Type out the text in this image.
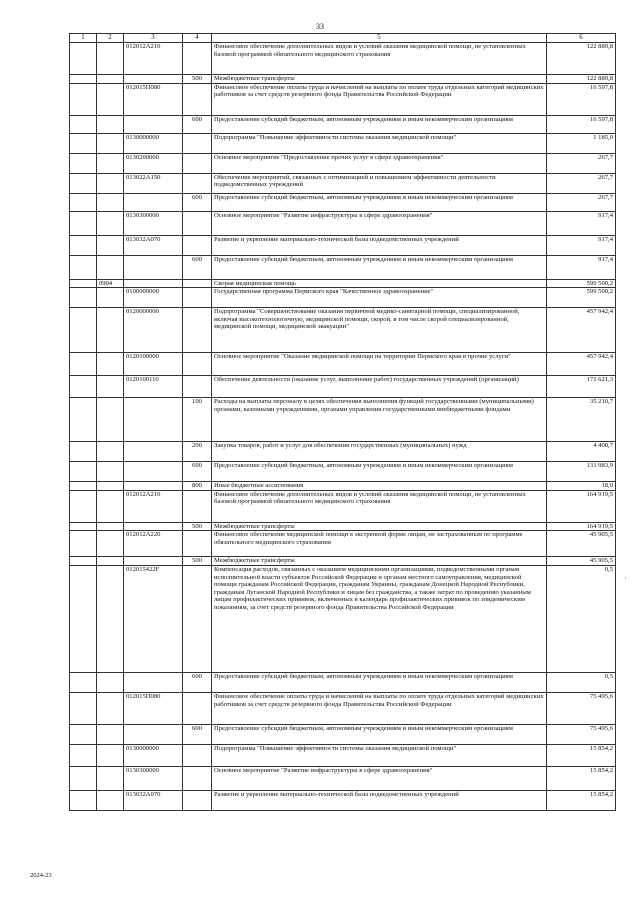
33
1	2	3	4	5	6
		012012А210		Финансовое обеспечение дополнительных видов и условий оказания медицинской помощи, не установленных базовой программой обязательного медицинского страхования	122 889,8
			500	Межбюджетные трансферты	122 889,8
		012015П080		Финансовое обеспечение оплаты труда и начислений на выплаты по оплате труда отдельных категорий медицинских работников за счет средств резервного фонда Правительства Российской Федерации	16 597,8
			600	Предоставление субсидий бюджетным, автономным учреждениям и иным некоммерческим организациям	16 597,8
		0130000000		Подпрограмма "Повышение эффективности системы оказания медицинской помощи"	1 185,0
		0130200000		Основное мероприятие "Предоставление прочих услуг в сфере здравоохранения"	267,7
		013022А150		Обеспечение мероприятий, связанных с оптимизацией и повышением эффективности деятельности подведомственных учреждений	267,7
			600	Предоставление субсидий бюджетным, автономным учреждениям и иным некоммерческим организациям	267,7
		0130300000		Основное мероприятие "Развитие инфраструктуры в сфере здравоохранения"	917,4
		013032А070		Развитие и укрепление материально-технической базы подведомственных учреждений	917,4
			600	Предоставление субсидий бюджетным, автономным учреждениям и иным некоммерческим организациям	917,4
	0904			Скорая медицинская помощь	599 500,2
		0100000000		Государственная программа Пермского края "Качественное здравоохранение"	599 500,2
		0120000000		Подпрограмма "Совершенствование оказания первичной медико-санитарной помощи, специализированной, включая высокотехнологичную, медицинской помощи, скорой, в том числе скорой специализированной, медицинской помощи, медицинской эвакуации"	457 942,4
		0120100000		Основное мероприятие "Оказание медицинской помощи на территории Пермского края в прочие услуги"	457 942,4
		0120100110		Обеспечение деятельности (оказание услуг, выполнение работ) государственных учреждений (организаций)	171 621,3
			100	Расходы на выплаты персоналу в целях обеспечения выполнения функций государственными (муниципальными) органами, казенными учреждениями, органами управления государственными внебюджетными фондами	35 210,7
			200	Закупка товаров, работ и услуг для обеспечения государственных (муниципальных) нужд	4 408,7
			600	Предоставление субсидий бюджетным, автономным учреждениям и иным некоммерческим организациям	131 983,9
			800	Иные бюджетные ассигнования	18,0
		012012А210		Финансовое обеспечение дополнительных видов и условий оказания медицинской помощи, не установленных базовой программой обязательного медицинского страхования	164 919,5
			500	Межбюджетные трансферты	164 919,5
		012012А220		Финансовое обеспечение медицинской помощи в экстренной форме лицам, не застрахованным по программе обязательного медицинского страхования	45 905,5
			500	Межбюджетные трансферты	45 905,5
		012015422F		Компенсация расходов, связанных с оказанием медицинскими организациями, подведомственными органам исполнительной власти субъектов Российской Федерации и органам местного самоуправления, медицинской помощи гражданам Российской Федерации, гражданам Украины, гражданам Донецкой Народной Республики, гражданам Луганской Народной Республики и лицам без гражданства, а также затрат по проведению указанным лицам профилактических прививок, включенных в календарь профилактических прививок по эпидемическим показаниям, за счет средств резервного фонда Правительства Российской Федерации	0,5
			600	Предоставление субсидий бюджетным, автономным учреждениям и иным некоммерческим организациям	0,5
		012015П080		Финансовое обеспечение оплаты труда и начислений на выплаты по оплате труда отдельных категорий медицинских работников за счет средств резервного фонда Правительства Российской Федерации	75 495,6
			600	Предоставление субсидий бюджетным, автономным учреждениям и иным некоммерческим организациям	75 495,6
		0130000000		Подпрограмма "Повышение эффективности системы оказания медицинской помощи"	15 854,2
		0130300000		Основное мероприятие "Развитие инфраструктуры в сфере здравоохранения"	15 854,2
		013032А070		Развитие и укрепление материально-технической базы подведомственных учреждений	15 854,2
,
2024-23
